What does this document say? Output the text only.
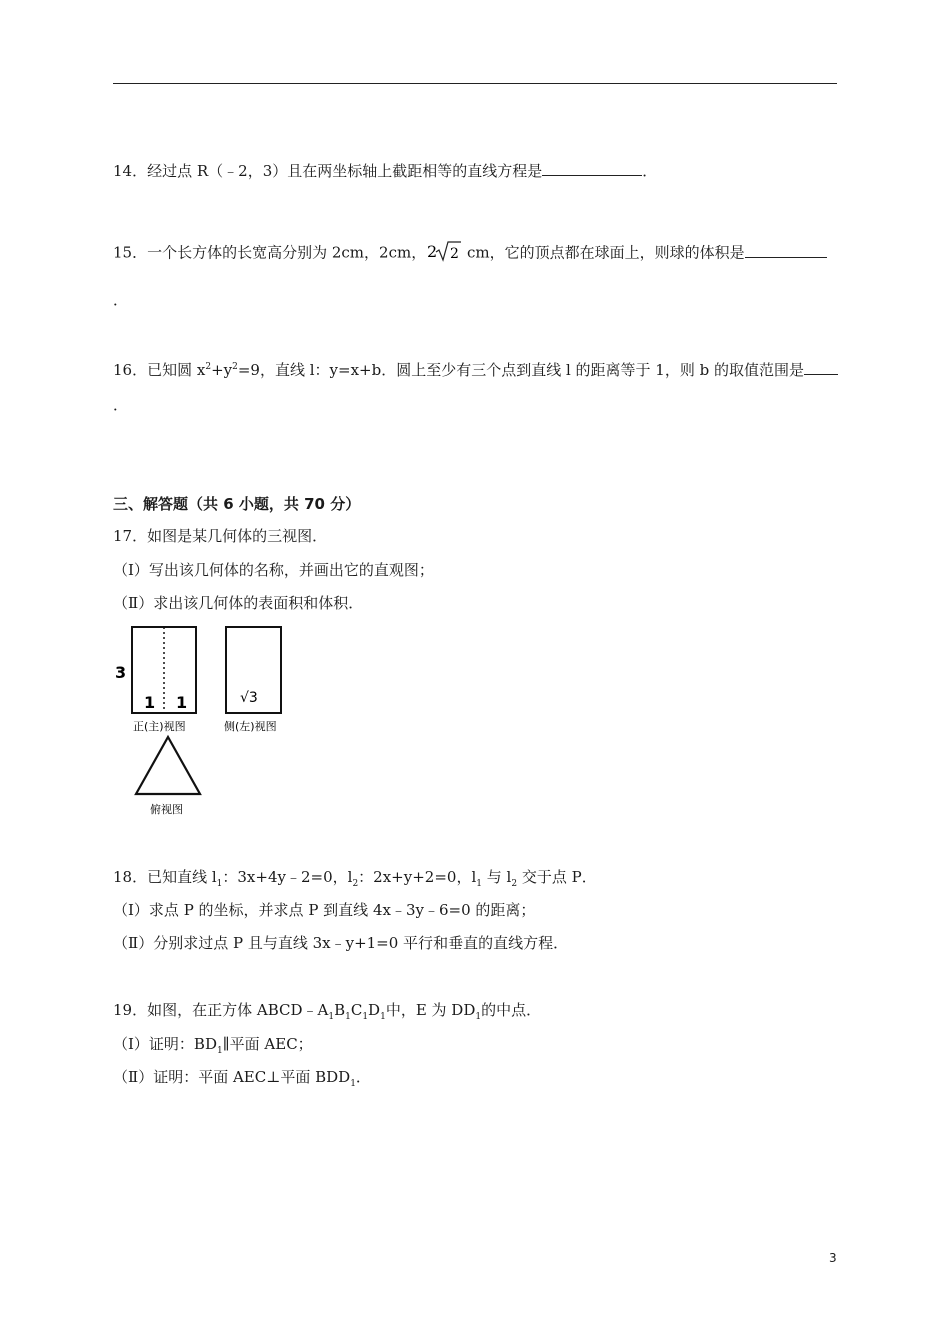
14．经过点 R（﹣2，3）且在两坐标轴上截距相等的直线方程是	．
15．一个长方体的长宽高分别为 2cm，2cm， 2 2 cm，它的顶点都在球面上，则球的体积是
．
16．已知圆 $x^2+y^2=9$，直线 l：y=x+b．圆上至少有三个点到直线 l 的距离等于 1，则 b 的取值范围是
．
三、解答题（共 6 小题，共 70 分）
17．如图是某几何体的三视图．
（Ⅰ）写出该几何体的名称，并画出它的直观图；
（Ⅱ）求出该几何体的表面积和体积．
3
1 1
正(主)视图
√3
侧(左)视图
俯视图
18．已知直线 $l_1$：3x+4y﹣2=0，$l_2$：2x+y+2=0，$l_1$ 与 $l_2$ 交于点 P．
（Ⅰ）求点 P 的坐标，并求点 P 到直线 4x﹣3y﹣6=0 的距离；
（Ⅱ）分别求过点 P 且与直线 3x﹣y+1=0 平行和垂直的直线方程．
19．如图，在正方体 $ABCD﹣A_1B_1C_1D_1$中，E 为 $DD_1$的中点．
（Ⅰ）证明：$BD_1\parallel$平面 AEC；
（Ⅱ）证明：平面 AEC⊥平面 $BDD_1$．
3
